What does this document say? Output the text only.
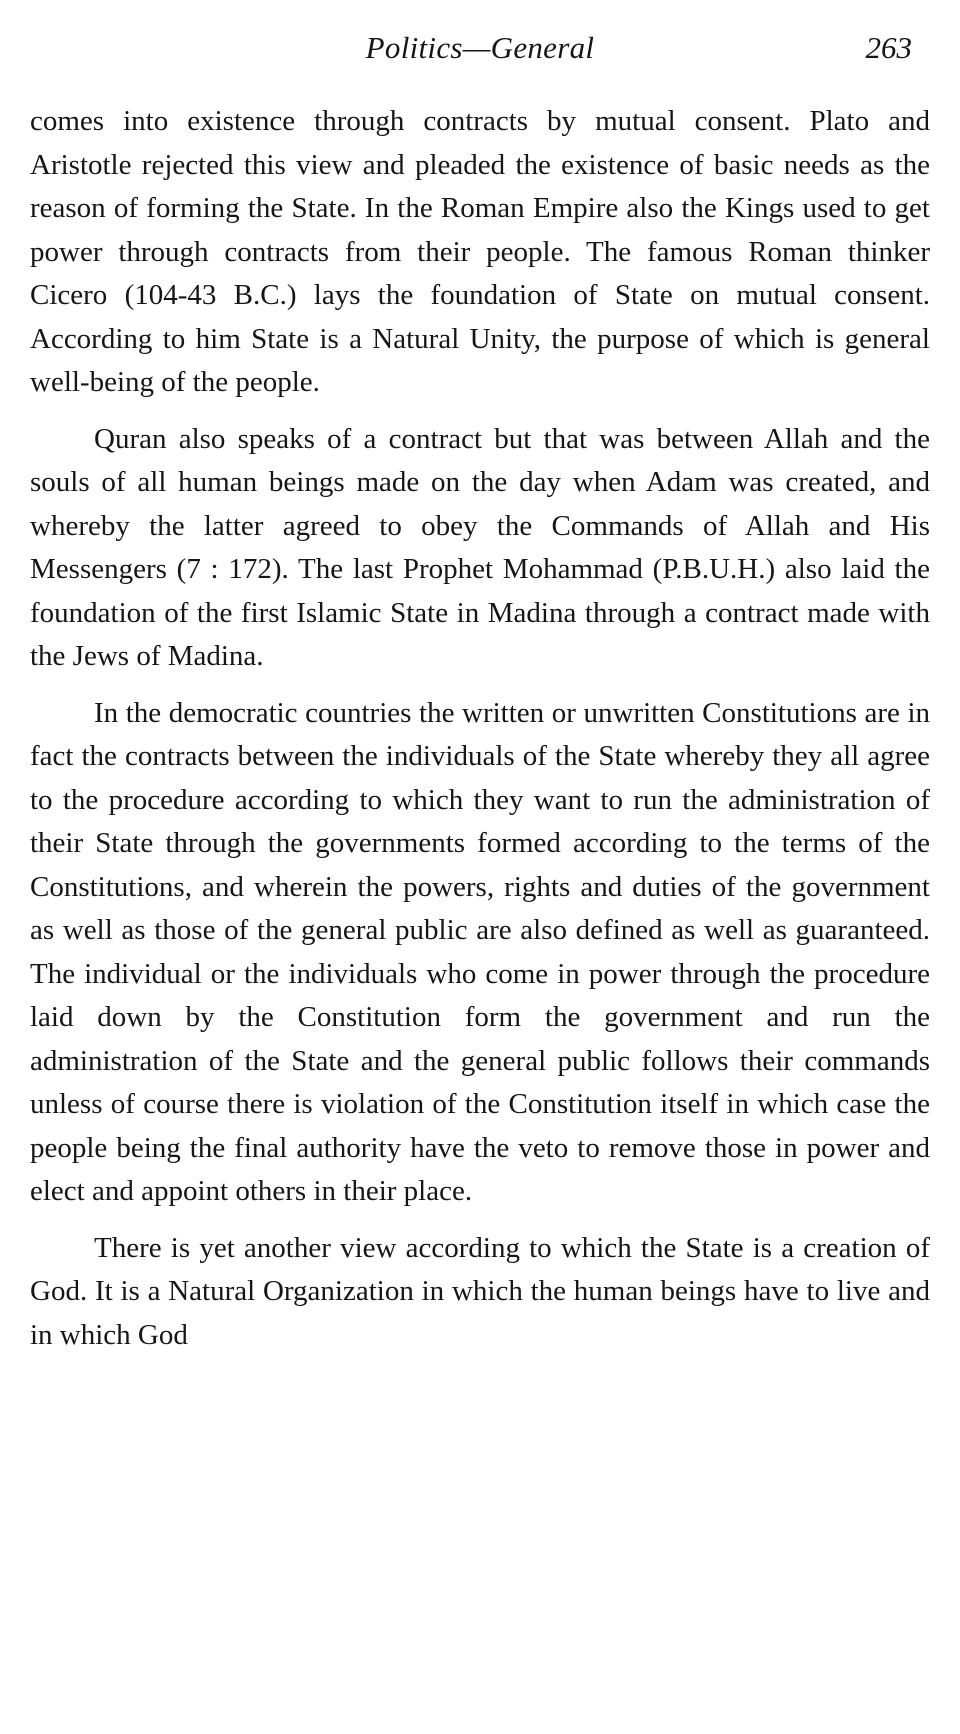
Politics—General	263

comes into existence through contracts by mutual consent. Plato and Aristotle rejected this view and pleaded the existence of basic needs as the reason of forming the State. In the Roman Empire also the Kings used to get power through contracts from their people. The famous Roman thinker Cicero (104-43 B.C.) lays the foundation of State on mutual consent. According to him State is a Natural Unity, the purpose of which is general well-being of the people.

Quran also speaks of a contract but that was between Allah and the souls of all human beings made on the day when Adam was created, and whereby the latter agreed to obey the Commands of Allah and His Messengers (7 : 172). The last Prophet Mohammad (P.B.U.H.) also laid the foundation of the first Islamic State in Madina through a contract made with the Jews of Madina.

In the democratic countries the written or unwritten Constitutions are in fact the contracts between the individuals of the State whereby they all agree to the procedure according to which they want to run the administration of their State through the governments formed according to the terms of the Constitutions, and wherein the powers, rights and duties of the government as well as those of the general public are also defined as well as guaranteed. The individual or the individuals who come in power through the procedure laid down by the Constitution form the government and run the administration of the State and the general public follows their commands unless of course there is violation of the Constitution itself in which case the people being the final authority have the veto to remove those in power and elect and appoint others in their place.

There is yet another view according to which the State is a creation of God. It is a Natural Organization in which the human beings have to live and in which God
